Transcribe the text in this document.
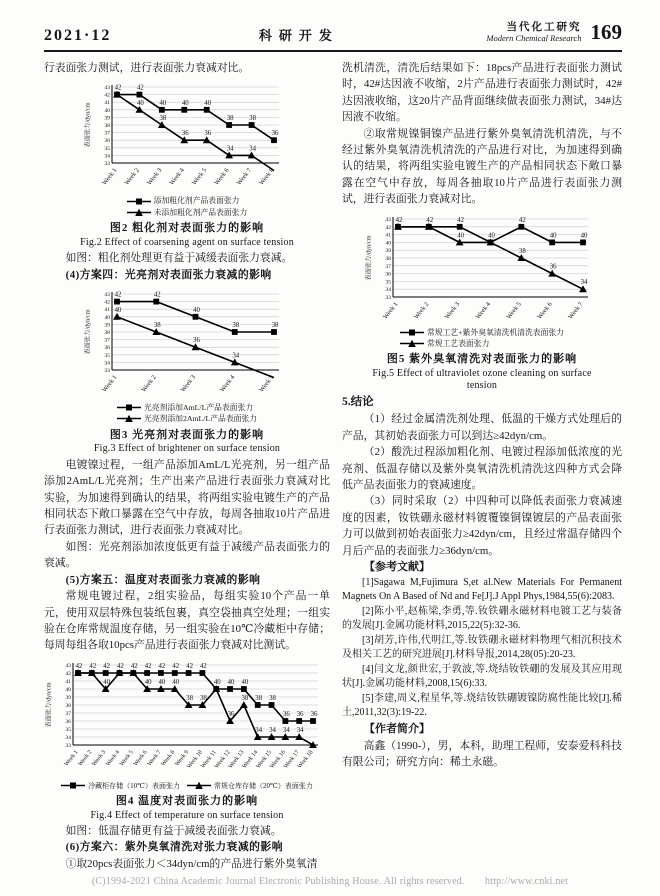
2021·12	科研开发
当代化工研究
Modern Chemical Research 169

行表面张力测试，进行表面张力衰减对比。

43
42
41
40
39
38
37
36
35
34
33
Week 1 Week 2 Week 3 Week 4 Week 5 Week 6 Week 7 Week 8
表面张力/dyn/cm
42 42
40 40 40
38 38
36
40
38
36 36
34 34
添加粗化剂产品表面张力
未添加粗化剂产品表面张力
图2 粗化剂对表面张力的影响
Fig.2 Effect of coarsening agent on surface tension

如图：粗化剂处理更有益于减缓表面张力衰减。

(4)方案四：光亮剂对表面张力衰减的影响

43
42
41
40
39
38
37
36
35
34
33
Week 1	Week 2	Week 3	Week 4	Week 5
表面张力/dyn/cm
42	42
40
38	38
40
38
36
34
光亮剂添加AmL/L产品表面张力
光亮剂添加2AmL/L产品表面张力
图3 光亮剂对表面张力的影响
Fig.3 Effect of brightener on surface tension

电镀镍过程，一组产品添加AmL/L光亮剂，另一组产品添加2AmL/L光亮剂；生产出来产品进行表面张力衰减对比实验，为加速得到确认的结果，将两组实验电镀生产的产品相同状态下敞口暴露在空气中存放，每周各抽取10片产品进行表面张力测试，进行表面张力衰减对比。

如图：光亮剂添加浓度低更有益于减缓产品表面张力的衰减。

(5)方案五：温度对表面张力衰减的影响

常规电镀过程，2组实验品，每组实验10个产品一单元，使用双层特殊包装纸包裹，真空袋抽真空处理；一组实验在仓库常规温度存储，另一组实验在10℃冷藏柜中存储；每周每组各取10pcs产品进行表面张力衰减对比测试。

43
42
41
40
39
38
37
36
35
34
33
Week 1
Week 2
Week 3
Week 4
Week 5
Week 6
Week 7
Week 8
Week 9
Week 10
Week 11
Week 12
Week 13
Week 14
Week 15
Week 16
Week 17
Week 18
表面张力/dyn/cm
42 42 42 42 42 42 42 42 42 42
40 40 40
38 38
36 36 36
40	40 40 40
38 38
36
38
34 34 34 34
冷藏柜存储（10℃）表面张力	常规仓库存储（20℃）表面张力
图4 温度对表面张力的影响
Fig.4 Effect of temperature on surface tension

如图：低温存储更有益于减缓表面张力衰减。

(6)方案六：紫外臭氧清洗对张力衰减的影响

①取20pcs表面张力＜34dyn/cm的产品进行紫外臭氧清

洗机清洗，清洗后结果如下：18pcs产品进行表面张力测试时，42#达因液不收缩，2片产品进行表面张力测试时，42#达因液收缩，这20片产品背面继续做表面张力测试，34#达因液不收缩。

②取常规镍铜镍产品进行紫外臭氧清洗机清洗，与不经过紫外臭氧清洗机清洗的产品进行对比，为加速得到确认的结果，将两组实验电镀生产的产品相同状态下敞口暴露在空气中存放，每周各抽取10片产品进行表面张力测试，进行表面张力衰减对比。

43
42
41
40
39
38
37
36
35
34
33
Week 1 Week 2 Week 3 Week 4 Week 5 Week 6 Week 7
表面张力/dyn/cm
42	42	42
40
42
40	40
40
38
36
34
常规工艺+紫外臭氧清洗机清洗表面张力
常规工艺表面张力
图5 紫外臭氧清洗对表面张力的影响
Fig.5 Effect of ultraviolet ozone cleaning on surface tension

5.结论

（1）经过金属清洗剂处理、低温的干燥方式处理后的产品，其初始表面张力可以到达≥42dyn/cm。

（2）酸洗过程添加粗化剂、电镀过程添加低浓度的光亮剂、低温存储以及紫外臭氧清洗机清洗这四种方式会降低产品表面张力的衰减速度。

（3）同时采取（2）中四种可以降低表面张力衰减速度的因素，钕铁硼永磁材料镀覆镍铜镍镀层的产品表面张力可以做到初始表面张力≥42dyn/cm，且经过常温存储四个月后产品的表面张力≥36dyn/cm。

【参考文献】

[1]Sagawa M,Fujimura S,et al.New Materials For Permanent Magnets On A Based of Nd and Fe[J].J Appl Phys,1984,55(6):2083.

[2]陈小平,赵栋梁,李勇,等.钕铁硼永磁材料电镀工艺与装备的发展[J].金属功能材料,2015,22(5):32-36.

[3]胡芳,许伟,代明江,等.钕铁硼永磁材料物理气相沉积技术及相关工艺的研究进展[J].材料导报,2014,28(05):20-23.

[4]闫文龙,颜世宏,于敦波,等.烧结钕铁硼的发展及其应用现状[J].金属功能材料,2008,15(6):33.

[5]李建,周义,程星华,等.烧结钕铁硼镀镍防腐性能比较[J].稀土,2011,32(3):19-22.

【作者简介】

高鑫（1990-），男，本科，助理工程师，安泰爱科科技有限公司；研究方向：稀土永磁。

(C)1994-2021 China Academic Journal Electronic Publishing House. All rights reserved.　　http://www.cnki.net
